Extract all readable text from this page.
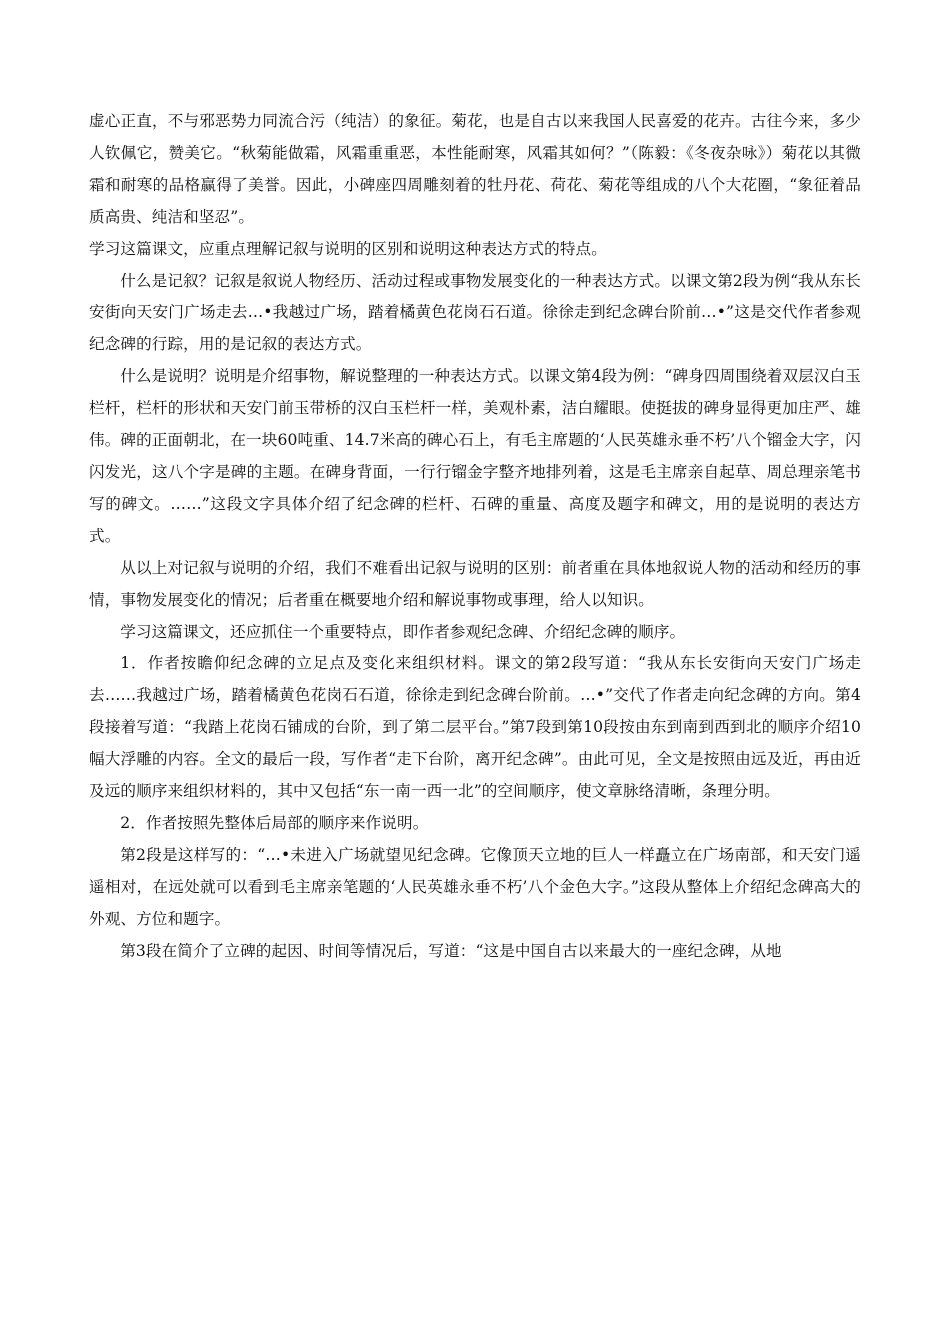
虚心正直，不与邪恶势力同流合污（纯洁）的象征。菊花，也是自古以来我国人民喜爱的花卉。古往今来，多少人钦佩它，赞美它。“秋菊能做霜，风霜重重恶，本性能耐寒，风霜其如何？”（陈毅：《冬夜杂咏》）菊花以其微霜和耐寒的品格赢得了美誉。因此，小碑座四周雕刻着的牡丹花、荷花、菊花等组成的八个大花圈，“象征着品质高贵、纯洁和坚忍”。

学习这篇课文，应重点理解记叙与说明的区别和说明这种表达方式的特点。

什么是记叙？记叙是叙说人物经历、活动过程或事物发展变化的一种表达方式。以课文第2段为例“我从东长安街向天安门广场走去…•我越过广场，踏着橘黄色花岗石石道。徐徐走到纪念碑台阶前…•”这是交代作者参观纪念碑的行踪，用的是记叙的表达方式。

什么是说明？说明是介绍事物，解说整理的一种表达方式。以课文第4段为例：“碑身四周围绕着双层汉白玉栏杆，栏杆的形状和天安门前玉带桥的汉白玉栏杆一样，美观朴素，洁白耀眼。使挺拔的碑身显得更加庄严、雄伟。碑的正面朝北，在一块60吨重、14.7米高的碑心石上，有毛主席题的‘人民英雄永垂不朽’八个镏金大字，闪闪发光，这八个字是碑的主题。在碑身背面，一行行镏金字整齐地排列着，这是毛主席亲自起草、周总理亲笔书写的碑文。……”这段文字具体介绍了纪念碑的栏杆、石碑的重量、高度及题字和碑文，用的是说明的表达方式。

从以上对记叙与说明的介绍，我们不难看出记叙与说明的区别：前者重在具体地叙说人物的活动和经历的事情，事物发展变化的情况；后者重在概要地介绍和解说事物或事理，给人以知识。

学习这篇课文，还应抓住一个重要特点，即作者参观纪念碑、介绍纪念碑的顺序。

1．作者按瞻仰纪念碑的立足点及变化来组织材料。课文的第2段写道：“我从东长安街向天安门广场走去……我越过广场，踏着橘黄色花岗石石道，徐徐走到纪念碑台阶前。…•”交代了作者走向纪念碑的方向。第4段接着写道：“我踏上花岗石铺成的台阶，到了第二层平台。”第7段到第10段按由东到南到西到北的顺序介绍10幅大浮雕的内容。全文的最后一段，写作者“走下台阶，离开纪念碑”。由此可见，全文是按照由远及近，再由近及远的顺序来组织材料的，其中又包括“东一南一西一北”的空间顺序，使文章脉络清晰，条理分明。

2．作者按照先整体后局部的顺序来作说明。

第2段是这样写的：“…•未进入广场就望见纪念碑。它像顶天立地的巨人一样矗立在广场南部，和天安门遥遥相对，在远处就可以看到毛主席亲笔题的‘人民英雄永垂不朽’八个金色大字。”这段从整体上介绍纪念碑高大的外观、方位和题字。

第3段在简介了立碑的起因、时间等情况后，写道：“这是中国自古以来最大的一座纪念碑，从地
